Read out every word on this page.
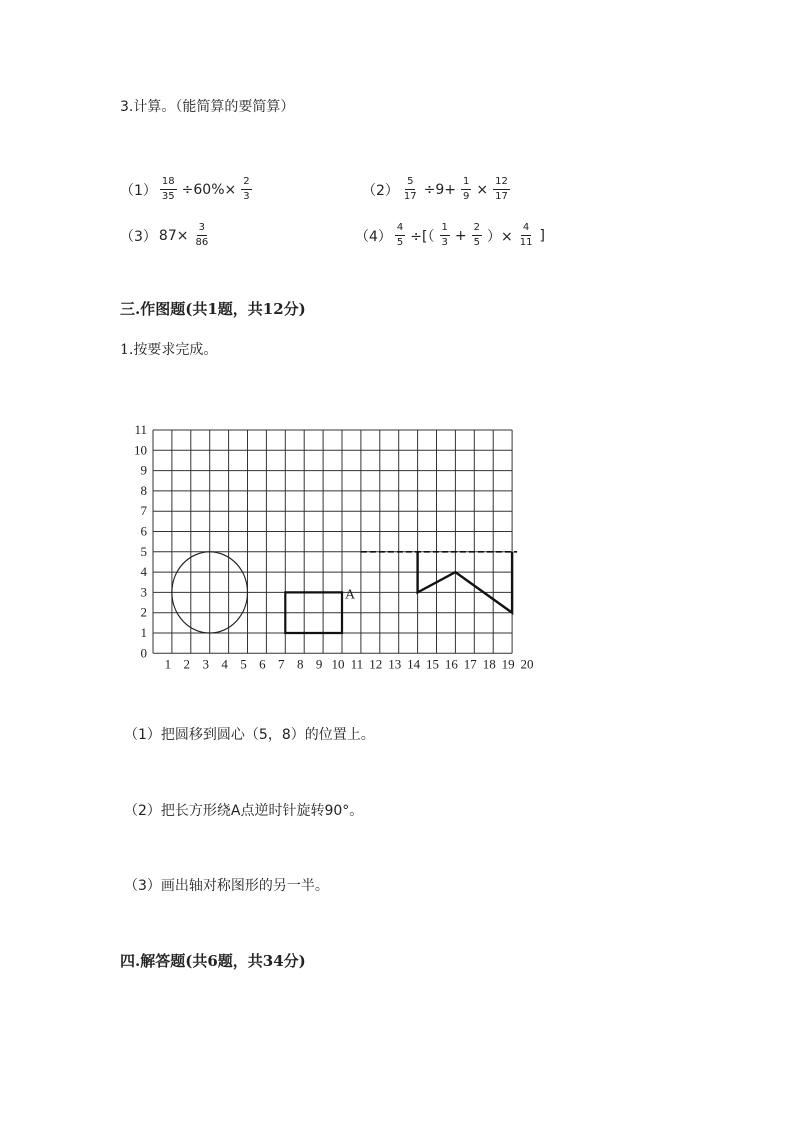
3.计算。（能简算的要简算）
$(1) \frac{18}{35} \div 60\%\times \frac{2}{3}$	$(2) \frac{5}{17} \div 9+ \frac{1}{9} \times \frac{12}{17}$
（3） $87\times \frac{3}{86}$	$(4) \frac{4}{5}$ ÷[（ $\frac{1}{3} + \frac{2}{5}$ ）× $\frac{4}{11}$ ]
三.作图题(共1题，共12分)
1.按要求完成。
0
1
2
3
4
5
6
7
8
9
10
11
1 2 3 4 5 6 7 8 9 10 11 12 13 14 15 16 17 18 19 20
A
（1）把圆移到圆心（5，8）的位置上。
（2）把长方形绕A点逆时针旋转90°。
（3）画出轴对称图形的另一半。
四.解答题(共6题，共34分)
